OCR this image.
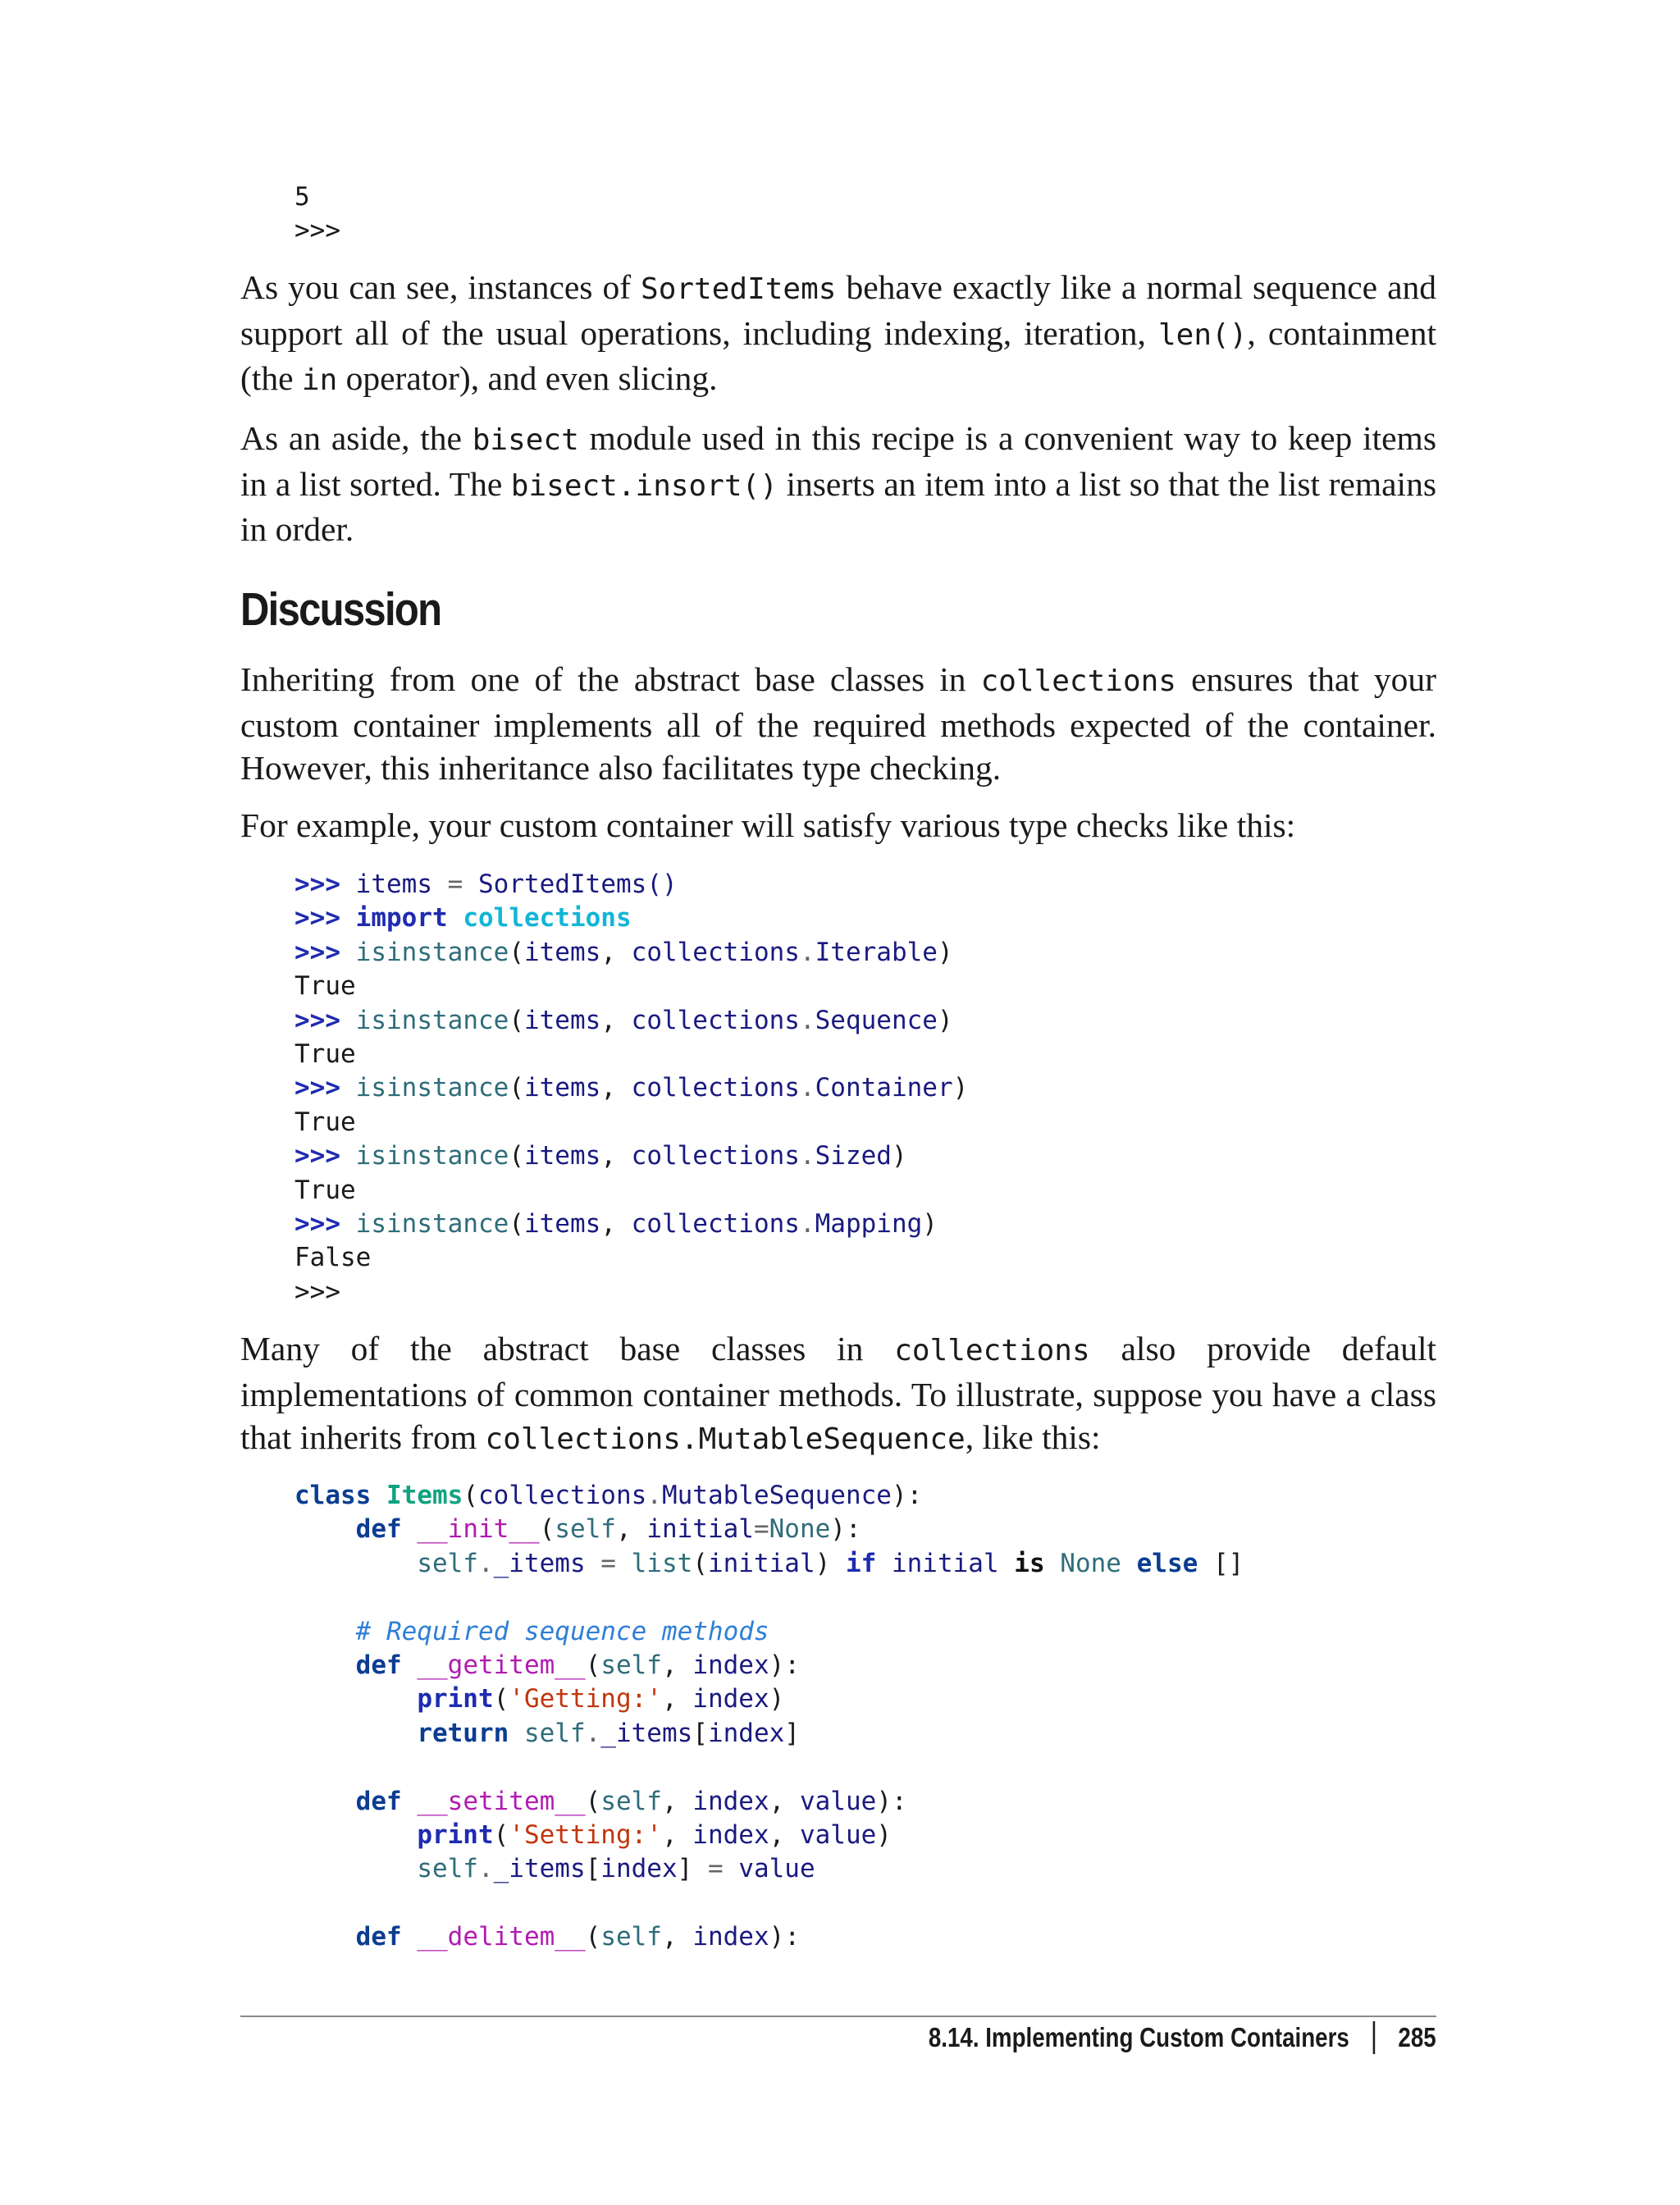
5
>>>

As you can see, instances of SortedItems behave exactly like a normal sequence and support all of the usual operations, including indexing, iteration, len(), containment (the in operator), and even slicing.

As an aside, the bisect module used in this recipe is a convenient way to keep items in a list sorted. The bisect.insort() inserts an item into a list so that the list remains in order.

Discussion

Inheriting from one of the abstract base classes in collections ensures that your custom container implements all of the required methods expected of the container. However, this inheritance also facilitates type checking.

For example, your custom container will satisfy various type checks like this:

>>> items = SortedItems()
>>> import collections
>>> isinstance(items, collections.Iterable)
True
>>> isinstance(items, collections.Sequence)
True
>>> isinstance(items, collections.Container)
True
>>> isinstance(items, collections.Sized)
True
>>> isinstance(items, collections.Mapping)
False
>>>

Many of the abstract base classes in collections also provide default implementations of common container methods. To illustrate, suppose you have a class that inherits from collections.MutableSequence, like this:

class Items(collections.MutableSequence):
def __init__(self, initial=None):
self._items = list(initial) if initial is None else []

# Required sequence methods
def __getitem__(self, index):
print('Getting:', index)
return self._items[index]

def __setitem__(self, index, value):
print('Setting:', index, value)
self._items[index] = value

def __delitem__(self, index):
8.14. Implementing Custom Containers 285
